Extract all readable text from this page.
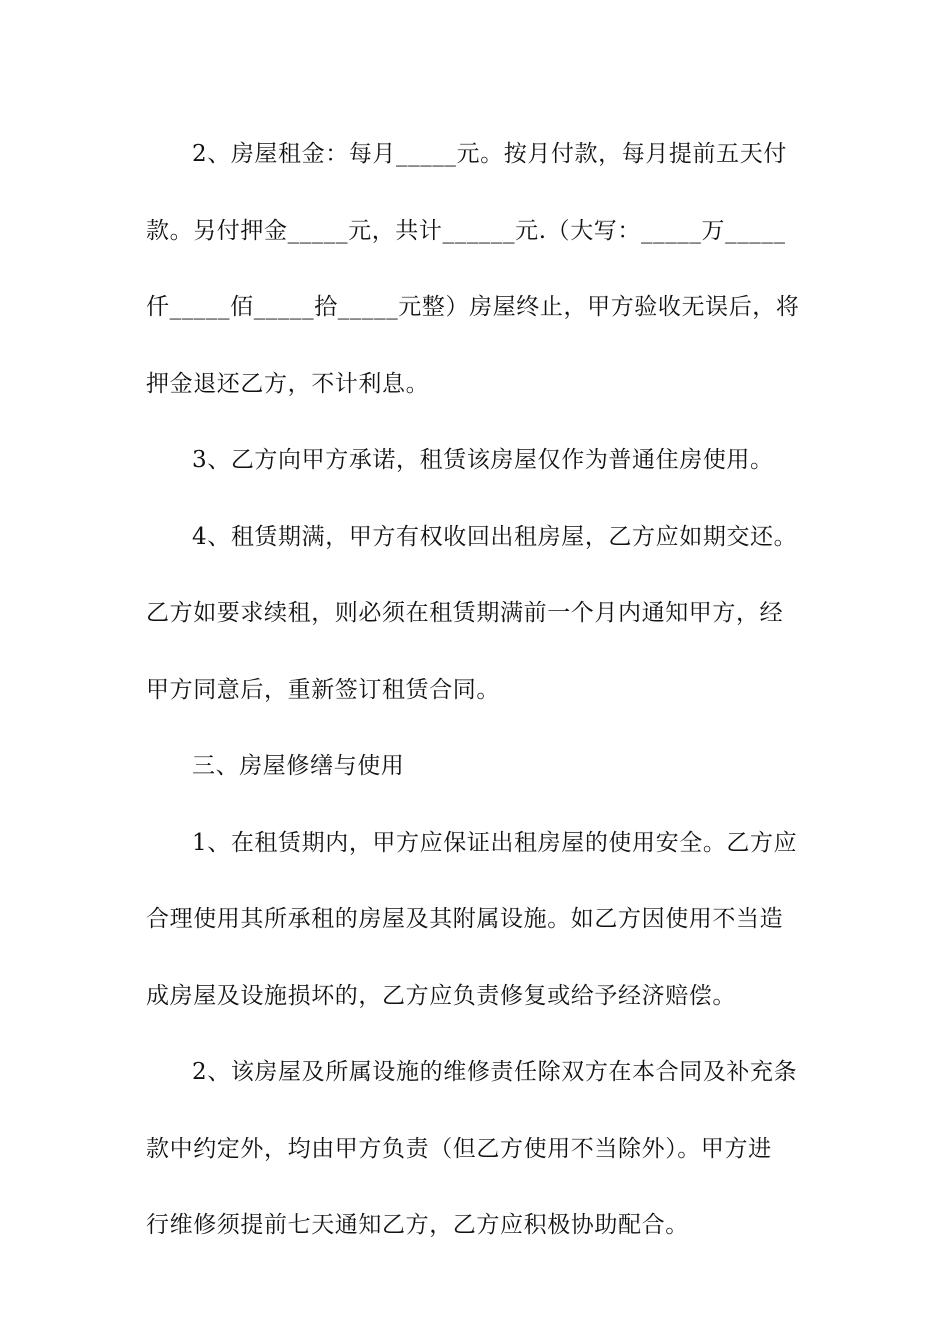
2、房屋租金：每月_____元。按月付款，每月提前五天付
款。另付押金_____元，共计______元.（大写：_____万_____
仟_____佰_____拾_____元整）房屋终止，甲方验收无误后，将
押金退还乙方，不计利息。
3、乙方向甲方承诺，租赁该房屋仅作为普通住房使用。
4、租赁期满，甲方有权收回出租房屋，乙方应如期交还。
乙方如要求续租，则必须在租赁期满前一个月内通知甲方，经
甲方同意后，重新签订租赁合同。
三、房屋修缮与使用
1、在租赁期内，甲方应保证出租房屋的使用安全。乙方应
合理使用其所承租的房屋及其附属设施。如乙方因使用不当造
成房屋及设施损坏的，乙方应负责修复或给予经济赔偿。
2、该房屋及所属设施的维修责任除双方在本合同及补充条
款中约定外，均由甲方负责（但乙方使用不当除外）。甲方进
行维修须提前七天通知乙方，乙方应积极协助配合。
